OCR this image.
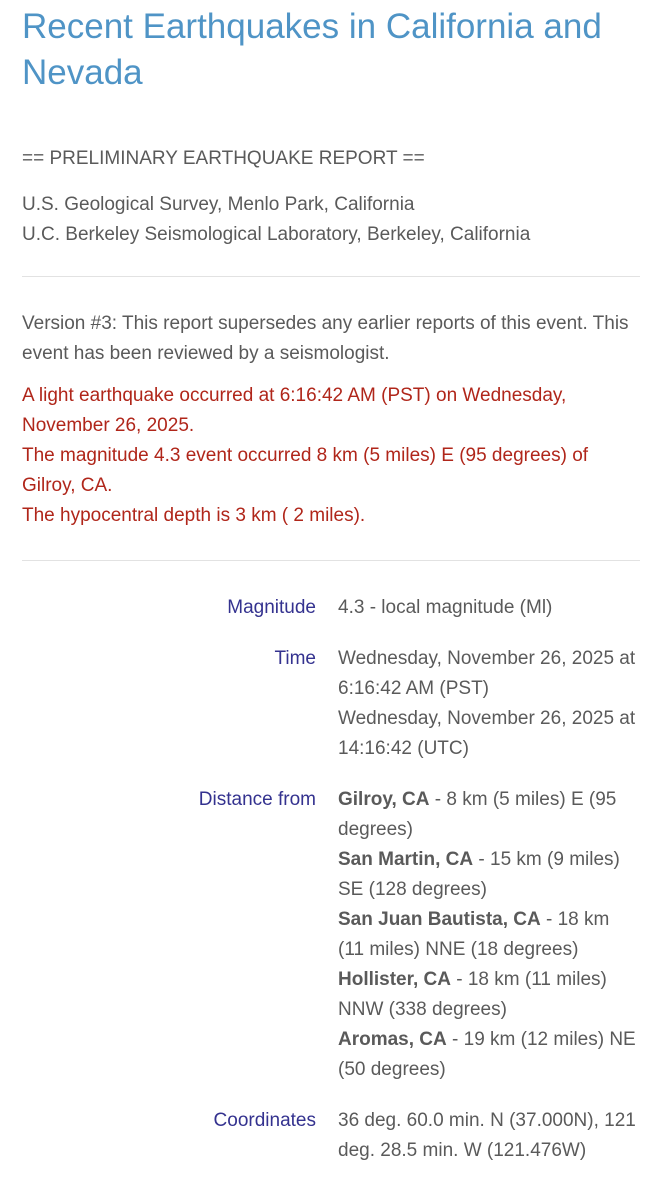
Recent Earthquakes in California and Nevada
== PRELIMINARY EARTHQUAKE REPORT ==
U.S. Geological Survey, Menlo Park, California
U.C. Berkeley Seismological Laboratory, Berkeley, California
Version #3: This report supersedes any earlier reports of this event. This event has been reviewed by a seismologist.
A light earthquake occurred at 6:16:42 AM (PST) on Wednesday, November 26, 2025.
The magnitude 4.3 event occurred 8 km (5 miles) E (95 degrees) of Gilroy, CA.
The hypocentral depth is 3 km ( 2 miles).
Magnitude 4.3 - local magnitude (Ml)
Time Wednesday, November 26, 2025 at 6:16:42 AM (PST)
Wednesday, November 26, 2025 at 14:16:42 (UTC)
Distance from Gilroy, CA - 8 km (5 miles) E (95 degrees)
San Martin, CA - 15 km (9 miles) SE (128 degrees)
San Juan Bautista, CA - 18 km (11 miles) NNE (18 degrees)
Hollister, CA - 18 km (11 miles) NNW (338 degrees)
Aromas, CA - 19 km (12 miles) NE (50 degrees)
Coordinates 36 deg. 60.0 min. N (37.000N), 121 deg. 28.5 min. W (121.476W)
